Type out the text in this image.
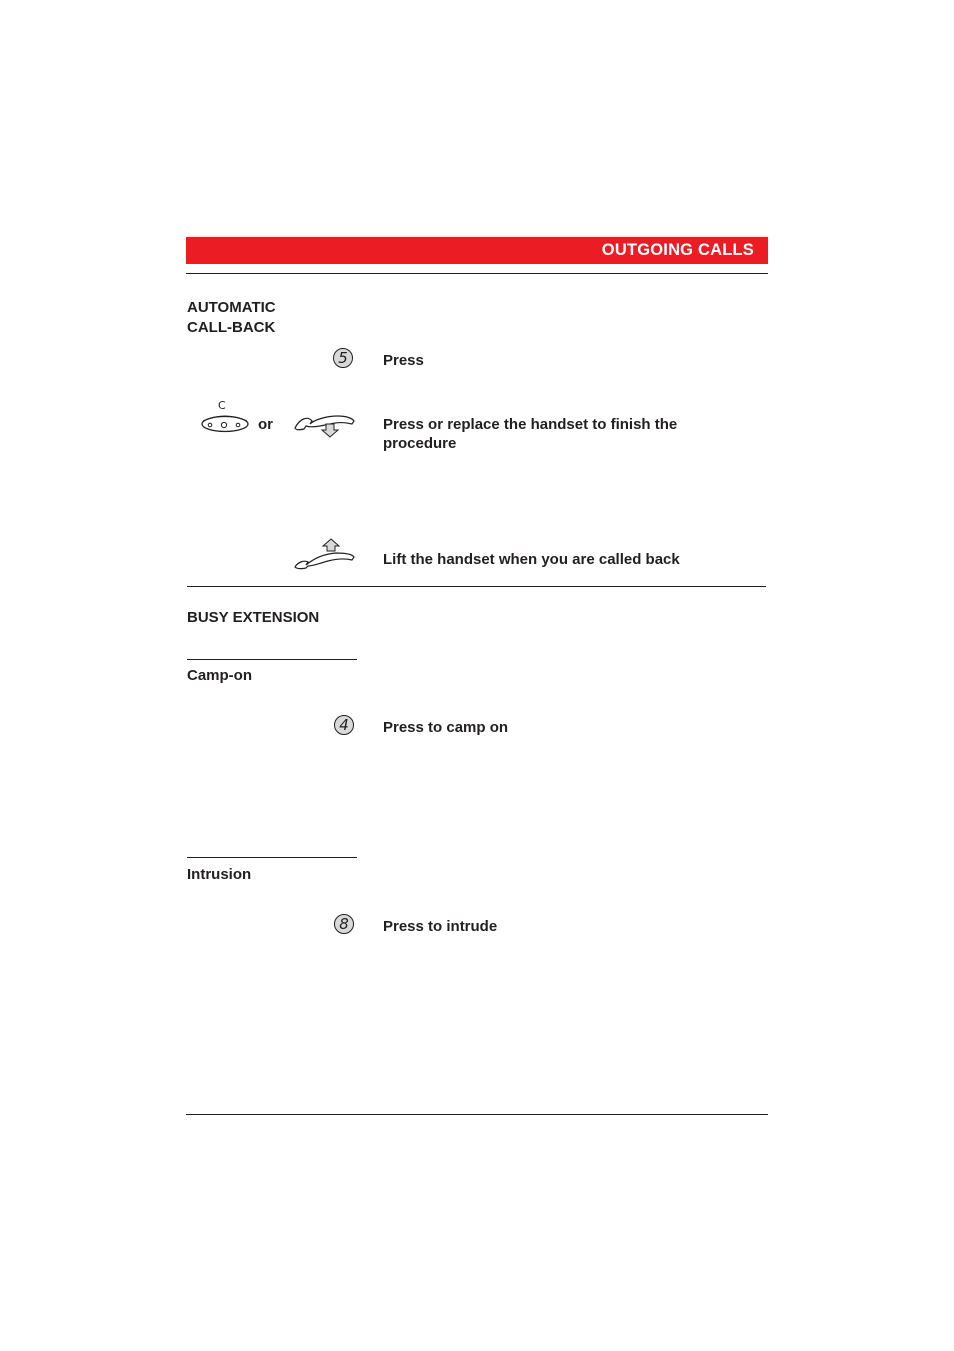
OUTGOING CALLS
AUTOMATIC
CALL-BACK
5	Press
C
or	Press or replace the handset to finish the procedure
Lift the handset when you are called back
BUSY EXTENSION
Camp-on
4	Press to camp on
Intrusion
8	Press to intrude
